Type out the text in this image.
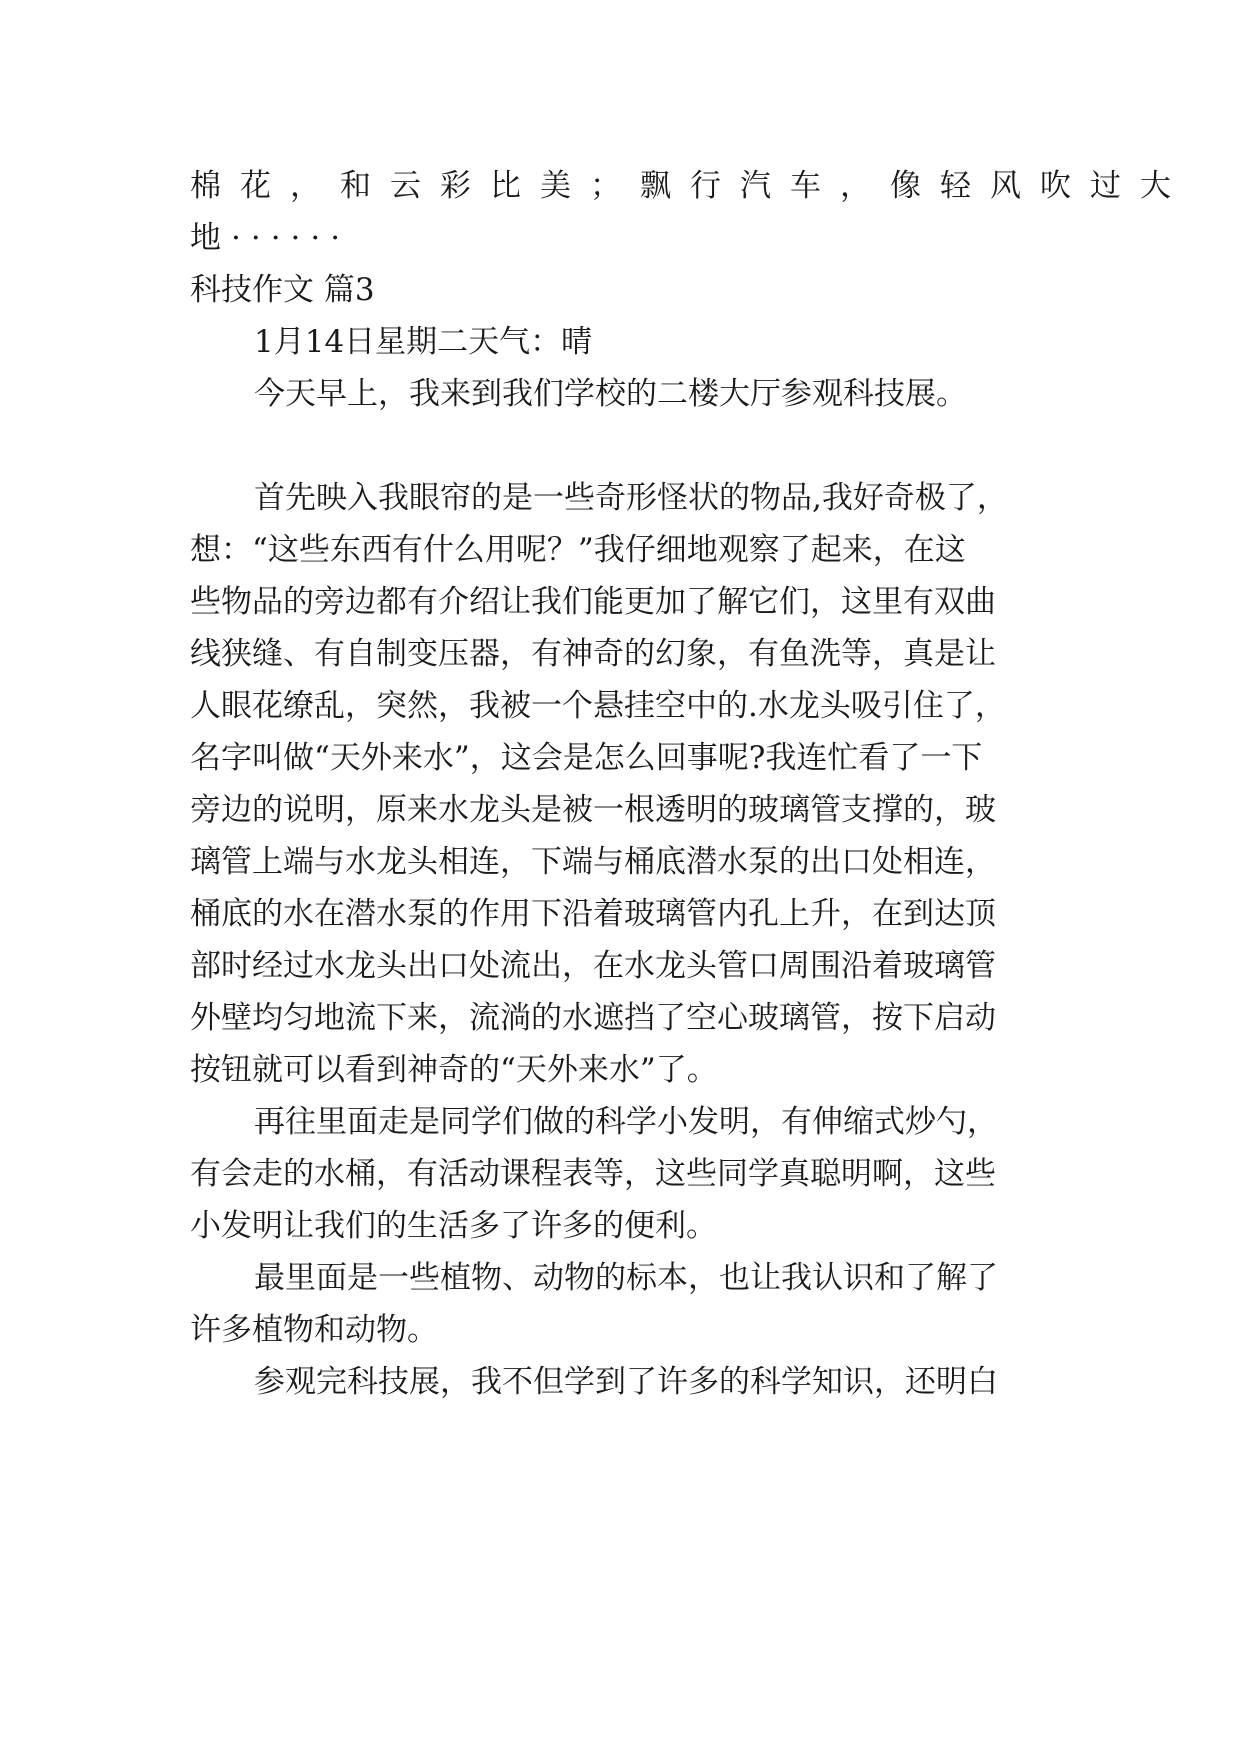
棉花，和云彩比美；飘行汽车，像轻风吹过大
地······
科技作文 篇3
1月14日星期二天气：晴
今天早上，我来到我们学校的二楼大厅参观科技展。
首先映入我眼帘的是一些奇形怪状的物品,我好奇极了，
想：“这些东西有什么用呢？”我仔细地观察了起来，在这
些物品的旁边都有介绍让我们能更加了解它们，这里有双曲
线狭缝、有自制变压器，有神奇的幻象，有鱼洗等，真是让
人眼花缭乱，突然，我被一个悬挂空中的.水龙头吸引住了，
名字叫做“天外来水”，这会是怎么回事呢?我连忙看了一下
旁边的说明，原来水龙头是被一根透明的玻璃管支撑的，玻
璃管上端与水龙头相连，下端与桶底潜水泵的出口处相连，
桶底的水在潜水泵的作用下沿着玻璃管内孔上升，在到达顶
部时经过水龙头出口处流出，在水龙头管口周围沿着玻璃管
外壁均匀地流下来，流淌的水遮挡了空心玻璃管，按下启动
按钮就可以看到神奇的“天外来水”了。
再往里面走是同学们做的科学小发明，有伸缩式炒勺，
有会走的水桶，有活动课程表等，这些同学真聪明啊，这些
小发明让我们的生活多了许多的便利。
最里面是一些植物、动物的标本，也让我认识和了解了
许多植物和动物。
参观完科技展，我不但学到了许多的科学知识，还明白
